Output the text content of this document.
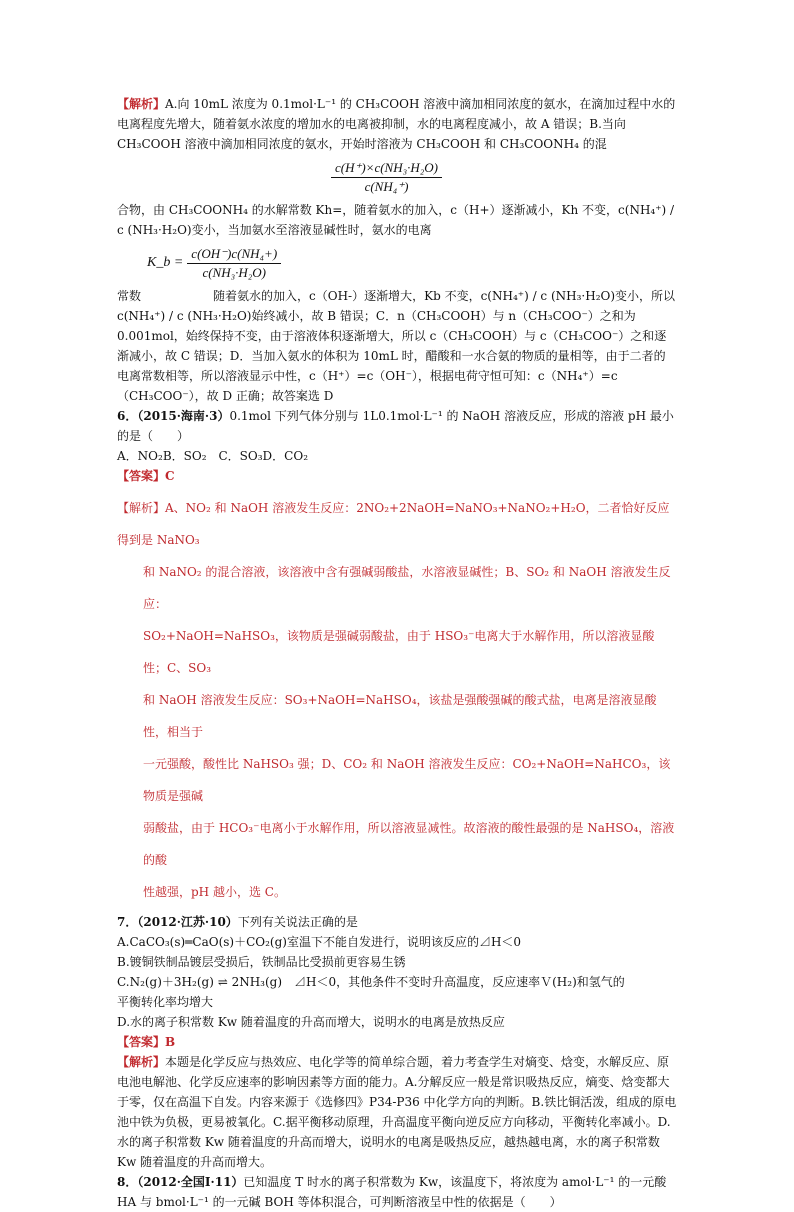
【解析】A.向 10mL 浓度为 0.1mol·L⁻¹ 的 CH₃COOH 溶液中滴加相同浓度的氨水，在滴加过程中水的电离程度先增大，随着氨水浓度的增加水的电离被抑制，水的电离程度减小，故 A 错误；B.当向 CH₃COOH 溶液中滴加相同浓度的氨水，开始时溶液为 CH₃COOH 和 CH₃COONH₄ 的混

$\frac{\text{c(H⁺)×c(NH₃·H₂O)}}{\text{c(NH₄⁺)}}$

合物，由 CH₃COONH₄ 的水解常数 Kh=，随着氨水的加入，c（H+）逐渐减小，Kh 不变，c(NH₄⁺) / c (NH₃·H₂O)变小，当加氨水至溶液显碱性时，氨水的电离

K_b = $\frac{\text{c(OH⁻)c(NH₄+)}}{\text{c(NH₃·H₂O)}}$

常数　　　　　　	随着氨水的加入，c（OH-）逐渐增大，Kb 不变，c(NH₄⁺) / c (NH₃·H₂O)变小，所以 c(NH₄⁺) / c (NH₃·H₂O)始终减小，故 B 错误；C．n（CH₃COOH）与 n（CH₃COO⁻）之和为 0.001mol，始终保持不变，由于溶液体积逐渐增大，所以 c（CH₃COOH）与 c（CH₃COO⁻）之和逐渐减小，故 C 错误；D．当加入氨水的体积为 10mL 时，醋酸和一水合氨的物质的量相等，由于二者的电离常数相等，所以溶液显示中性，c（H⁺）=c（OH⁻），根据电荷守恒可知：c（NH₄⁺）=c（CH₃COO⁻），故 D 正确；故答案选 D

6．（2015·海南·3）0.1mol 下列气体分别与 1L0.1mol·L⁻¹ 的 NaOH 溶液反应，形成的溶液 pH 最小的是（　　）

A．NO₂B．SO₂　C．SO₃D．CO₂

【答案】C

【解析】A、NO₂ 和 NaOH 溶液发生反应：2NO₂+2NaOH=NaNO₃+NaNO₂+H₂O，二者恰好反应得到是 NaNO₃
和 NaNO₂ 的混合溶液，该溶液中含有强碱弱酸盐，水溶液显碱性；B、SO₂ 和 NaOH 溶液发生反应：
SO₂+NaOH=NaHSO₃，该物质是强碱弱酸盐，由于 HSO₃⁻电离大于水解作用，所以溶液显酸性；C、SO₃
和 NaOH 溶液发生反应：SO₃+NaOH=NaHSO₄，该盐是强酸强碱的酸式盐，电离是溶液显酸性，相当于
一元强酸，酸性比 NaHSO₃ 强；D、CO₂ 和 NaOH 溶液发生反应：CO₂+NaOH=NaHCO₃，该物质是强碱
弱酸盐，由于 HCO₃⁻电离小于水解作用，所以溶液显减性。故溶液的酸性最强的是 NaHSO₄，溶液的酸
性越强，pH 越小，选 C。

7．（2012·江苏·10）下列有关说法正确的是

A.CaCO₃(s)═CaO(s)＋CO₂(g)室温下不能自发进行，说明该反应的⊿H＜0

B.镀铜铁制品镀层受损后，铁制品比受损前更容易生锈

C.N₂(g)＋3H₂(g) ⇌ 2NH₃(g)　⊿H＜0，其他条件不变时升高温度，反应速率Ｖ(H₂)和氢气的

平衡转化率均增大

D.水的离子积常数 Kw 随着温度的升高而增大，说明水的电离是放热反应

【答案】B

【解析】本题是化学反应与热效应、电化学等的简单综合题，着力考查学生对熵变、焓变，水解反应、原电池电解池、化学反应速率的影响因素等方面的能力。A.分解反应一般是常识吸热反应，熵变、焓变都大于零，仅在高温下自发。内容来源于《选修四》P34-P36 中化学方向的判断。B.铁比铜活泼，组成的原电池中铁为负极，更易被氧化。C.据平衡移动原理，升高温度平衡向逆反应方向移动，平衡转化率减小。D.水的离子积常数 Kw 随着温度的升高而增大，说明水的电离是吸热反应，越热越电离，水的离子积常数 Kw 随着温度的升高而增大。

8．（2012·全国Ⅰ·11）已知温度 T 时水的离子积常数为 Kw，该温度下，将浓度为 amol·L⁻¹ 的一元酸 HA 与 bmol·L⁻¹ 的一元碱 BOH 等体积混合，可判断溶液呈中性的依据是（　　）
